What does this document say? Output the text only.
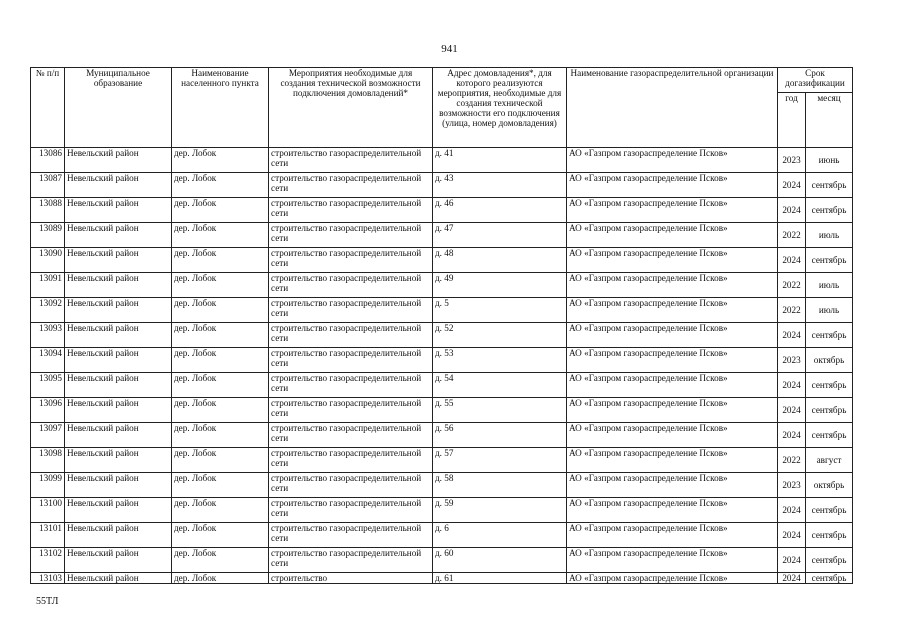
941
№ п/п	Муниципальное образование	Наименование населенного пункта	Мероприятия необходимые для создания технической возможности подключения домовладений*	Адрес домовладения*, для которого реализуются мероприятия, необходимые для создания технической возможности его подключения (улица, номер домовладения)	Наименование газораспределительной организации	Срок догазификации	
						год	месяц
13086	Невельский район	дер. Лобок	строительство газораспределительной сети	д. 41	АО «Газпром газораспределение Псков»	2023	июнь
13087	Невельский район	дер. Лобок	строительство газораспределительной сети	д. 43	АО «Газпром газораспределение Псков»	2024	сентябрь
13088	Невельский район	дер. Лобок	строительство газораспределительной сети	д. 46	АО «Газпром газораспределение Псков»	2024	сентябрь
13089	Невельский район	дер. Лобок	строительство газораспределительной сети	д. 47	АО «Газпром газораспределение Псков»	2022	июль
13090	Невельский район	дер. Лобок	строительство газораспределительной сети	д. 48	АО «Газпром газораспределение Псков»	2024	сентябрь
13091	Невельский район	дер. Лобок	строительство газораспределительной сети	д. 49	АО «Газпром газораспределение Псков»	2022	июль
13092	Невельский район	дер. Лобок	строительство газораспределительной сети	д. 5	АО «Газпром газораспределение Псков»	2022	июль
13093	Невельский район	дер. Лобок	строительство газораспределительной сети	д. 52	АО «Газпром газораспределение Псков»	2024	сентябрь
13094	Невельский район	дер. Лобок	строительство газораспределительной сети	д. 53	АО «Газпром газораспределение Псков»	2023	октябрь
13095	Невельский район	дер. Лобок	строительство газораспределительной сети	д. 54	АО «Газпром газораспределение Псков»	2024	сентябрь
13096	Невельский район	дер. Лобок	строительство газораспределительной сети	д. 55	АО «Газпром газораспределение Псков»	2024	сентябрь
13097	Невельский район	дер. Лобок	строительство газораспределительной сети	д. 56	АО «Газпром газораспределение Псков»	2024	сентябрь
13098	Невельский район	дер. Лобок	строительство газораспределительной сети	д. 57	АО «Газпром газораспределение Псков»	2022	август
13099	Невельский район	дер. Лобок	строительство газораспределительной сети	д. 58	АО «Газпром газораспределение Псков»	2023	октябрь
13100	Невельский район	дер. Лобок	строительство газораспределительной сети	д. 59	АО «Газпром газораспределение Псков»	2024	сентябрь
13101	Невельский район	дер. Лобок	строительство газораспределительной сети	д. 6	АО «Газпром газораспределение Псков»	2024	сентябрь
13102	Невельский район	дер. Лобок	строительство газораспределительной сети	д. 60	АО «Газпром газораспределение Псков»	2024	сентябрь
13103	Невельский район	дер. Лобок	строительство	д. 61	АО «Газпром газораспределение Псков»	2024	сентябрь
55ТЛ
